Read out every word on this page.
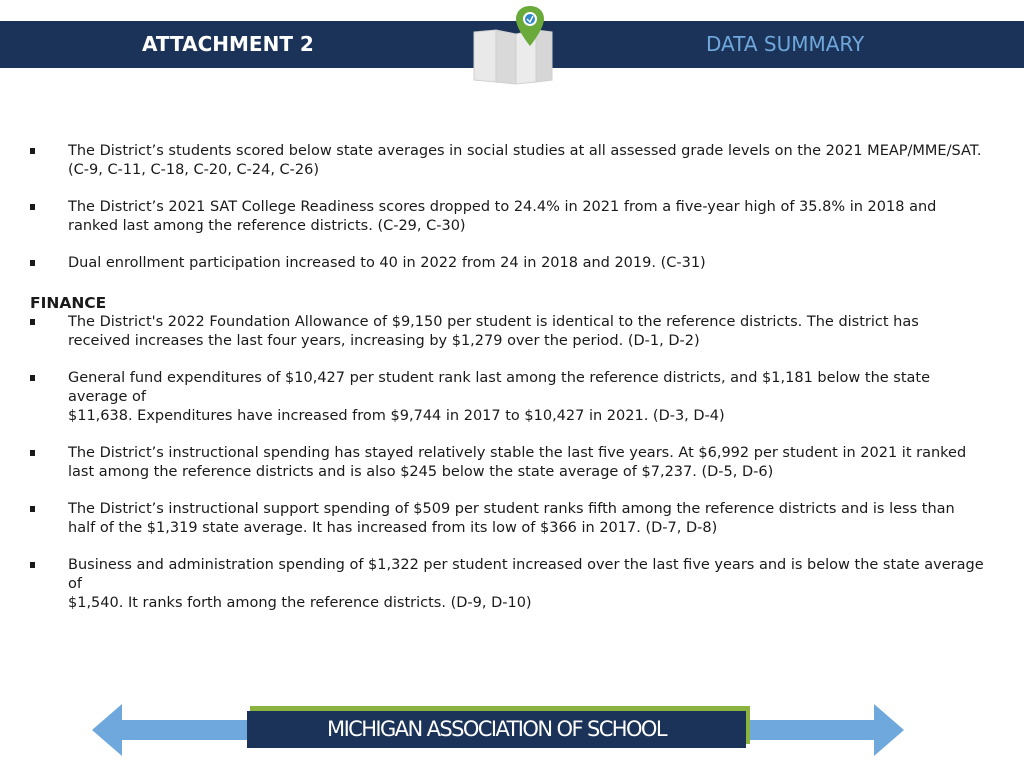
ATTACHMENT 2	DATA SUMMARY
The District’s students scored below state averages in social studies at all assessed grade levels on the 2021 MEAP/MME/SAT.
(C-9, C-11, C-18, C-20, C-24, C-26)
The District’s 2021 SAT College Readiness scores dropped to 24.4% in 2021 from a five-year high of 35.8% in 2018 and
ranked last among the reference districts. (C-29, C-30)
Dual enrollment participation increased to 40 in 2022 from 24 in 2018 and 2019. (C-31)
FINANCE
The District's 2022 Foundation Allowance of $9,150 per student is identical to the reference districts. The district has
received increases the last four years, increasing by $1,279 over the period. (D-1, D-2)
General fund expenditures of $10,427 per student rank last among the reference districts, and $1,181 below the state
average of
$11,638. Expenditures have increased from $9,744 in 2017 to $10,427 in 2021. (D-3, D-4)
The District’s instructional spending has stayed relatively stable the last five years. At $6,992 per student in 2021 it ranked
last among the reference districts and is also $245 below the state average of $7,237. (D-5, D-6)
The District’s instructional support spending of $509 per student ranks fifth among the reference districts and is less than
half of the $1,319 state average. It has increased from its low of $366 in 2017. (D-7, D-8)
Business and administration spending of $1,322 per student increased over the last five years and is below the state average
of
$1,540. It ranks forth among the reference districts. (D-9, D-10)
MICHIGAN ASSOCIATION OF SCHOOL
